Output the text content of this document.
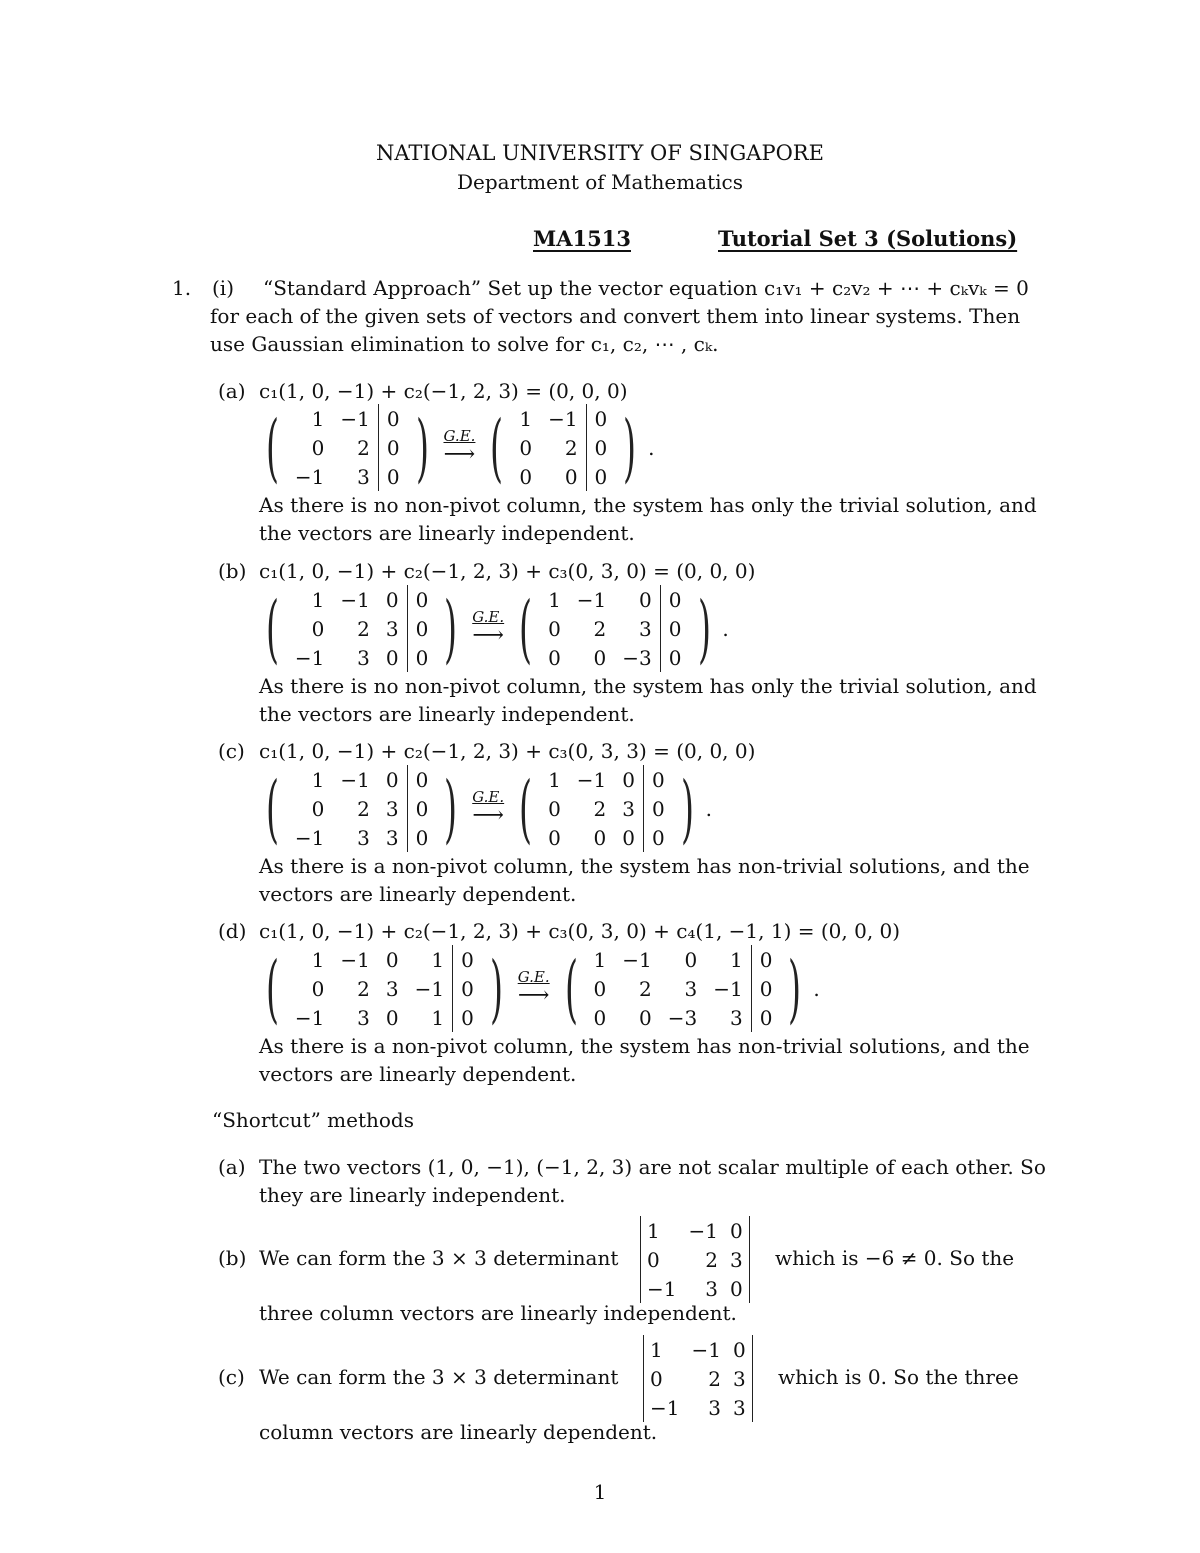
NATIONAL UNIVERSITY OF SINGAPORE
Department of Mathematics
MA1513	Tutorial Set 3 (Solutions)
1. (i) “Standard Approach” Set up the vector equation c₁v₁ + c₂v₂ + ⋯ + cₖvₖ = 0
for each of the given sets of vectors and convert them into linear systems. Then
use Gaussian elimination to solve for c₁, c₂, ⋯ , cₖ.
(a) c₁(1, 0, −1) + c₂(−1, 2, 3) = (0, 0, 0)
( 1	−1	0
0	2	0
−1	3	0 ) G.E.
⟶ ( 1	−1	0
0	2	0
0	0	0 ) .
As there is no non-pivot column, the system has only the trivial solution, and
the vectors are linearly independent.
(b) c₁(1, 0, −1) + c₂(−1, 2, 3) + c₃(0, 3, 0) = (0, 0, 0)
( 1	−1	0	0
0	2	3	0
−1	3	0	0 ) G.E.
⟶ ( 1	−1	0	0
0	2	3	0
0	0	−3	0 ) .
As there is no non-pivot column, the system has only the trivial solution, and
the vectors are linearly independent.
(c) c₁(1, 0, −1) + c₂(−1, 2, 3) + c₃(0, 3, 3) = (0, 0, 0)
( 1	−1	0	0
0	2	3	0
−1	3	3	0 ) G.E.
⟶ ( 1	−1	0	0
0	2	3	0
0	0	0	0 ) .
As there is a non-pivot column, the system has non-trivial solutions, and the
vectors are linearly dependent.
(d) c₁(1, 0, −1) + c₂(−1, 2, 3) + c₃(0, 3, 0) + c₄(1, −1, 1) = (0, 0, 0)
( 1	−1	0	1	0
0	2	3	−1	0
−1	3	0	1	0 ) G.E.
⟶ ( 1	−1	0	1	0
0	2	3	−1	0
0	0	−3	3	0 ) .
As there is a non-pivot column, the system has non-trivial solutions, and the
vectors are linearly dependent.
“Shortcut” methods
(a) The two vectors (1, 0, −1), (−1, 2, 3) are not scalar multiple of each other. So
they are linearly independent.
(b) We can form the 3 × 3 determinant
1	−1	0
0	2	3
−1	3	0
which is −6 ≠ 0. So the
three column vectors are linearly independent.
(c) We can form the 3 × 3 determinant
1	−1	0
0	2	3
−1	3	3
which is 0. So the three
column vectors are linearly dependent.
1
